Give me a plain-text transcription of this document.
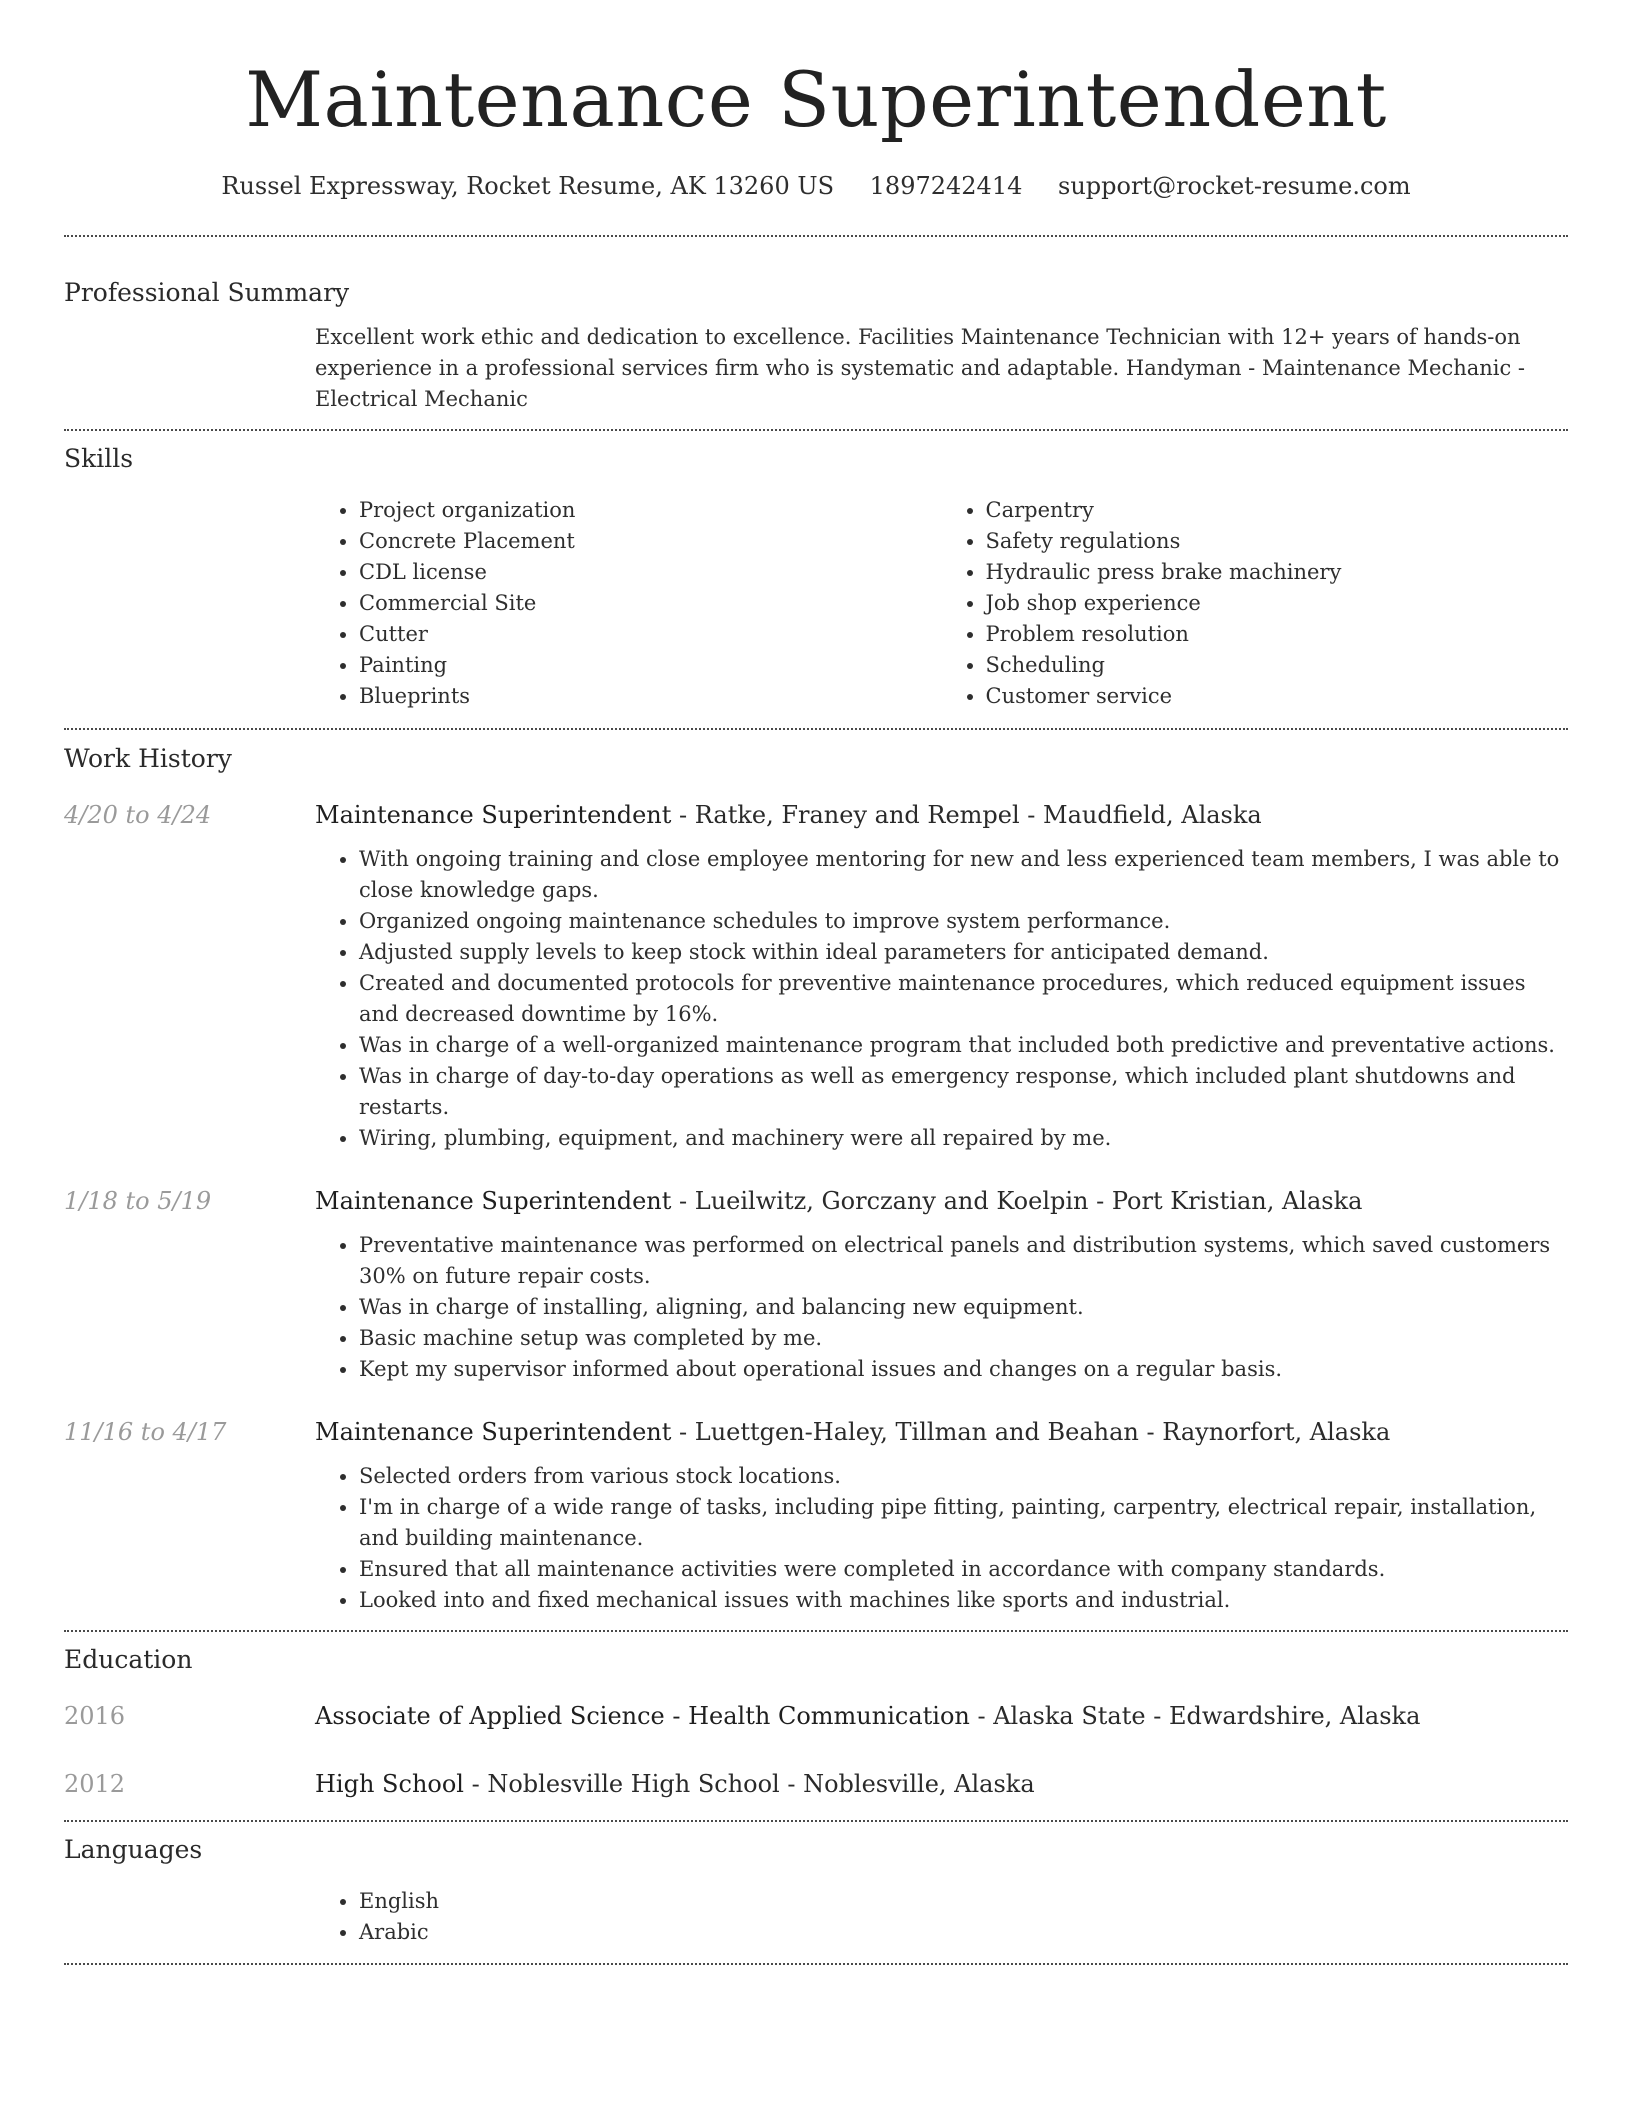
Maintenance Superintendent
Russel Expressway, Rocket Resume, AK 13260 US 1897242414 support@rocket-resume.com
Professional Summary
Excellent work ethic and dedication to excellence. Facilities Maintenance Technician with 12+ years of hands-on experience in a professional services firm who is systematic and adaptable. Handyman - Maintenance Mechanic - Electrical Mechanic
Skills
• Project organization
• Concrete Placement
• CDL license
• Commercial Site
• Cutter
• Painting
• Blueprints
• Carpentry
• Safety regulations
• Hydraulic press brake machinery
• Job shop experience
• Problem resolution
• Scheduling
• Customer service
Work History
4/20 to 4/24	Maintenance Superintendent - Ratke, Franey and Rempel - Maudfield, Alaska
• With ongoing training and close employee mentoring for new and less experienced team members, I was able to close knowledge gaps.
• Organized ongoing maintenance schedules to improve system performance.
• Adjusted supply levels to keep stock within ideal parameters for anticipated demand.
• Created and documented protocols for preventive maintenance procedures, which reduced equipment issues and decreased downtime by 16%.
• Was in charge of a well-organized maintenance program that included both predictive and preventative actions.
• Was in charge of day-to-day operations as well as emergency response, which included plant shutdowns and restarts.
• Wiring, plumbing, equipment, and machinery were all repaired by me.
1/18 to 5/19	Maintenance Superintendent - Lueilwitz, Gorczany and Koelpin - Port Kristian, Alaska
• Preventative maintenance was performed on electrical panels and distribution systems, which saved customers 30% on future repair costs.
• Was in charge of installing, aligning, and balancing new equipment.
• Basic machine setup was completed by me.
• Kept my supervisor informed about operational issues and changes on a regular basis.
11/16 to 4/17	Maintenance Superintendent - Luettgen-Haley, Tillman and Beahan - Raynorfort, Alaska
• Selected orders from various stock locations.
• I'm in charge of a wide range of tasks, including pipe fitting, painting, carpentry, electrical repair, installation, and building maintenance.
• Ensured that all maintenance activities were completed in accordance with company standards.
• Looked into and fixed mechanical issues with machines like sports and industrial.
Education
2016	Associate of Applied Science - Health Communication - Alaska State - Edwardshire, Alaska
2012	High School - Noblesville High School - Noblesville, Alaska
Languages
• English
• Arabic
